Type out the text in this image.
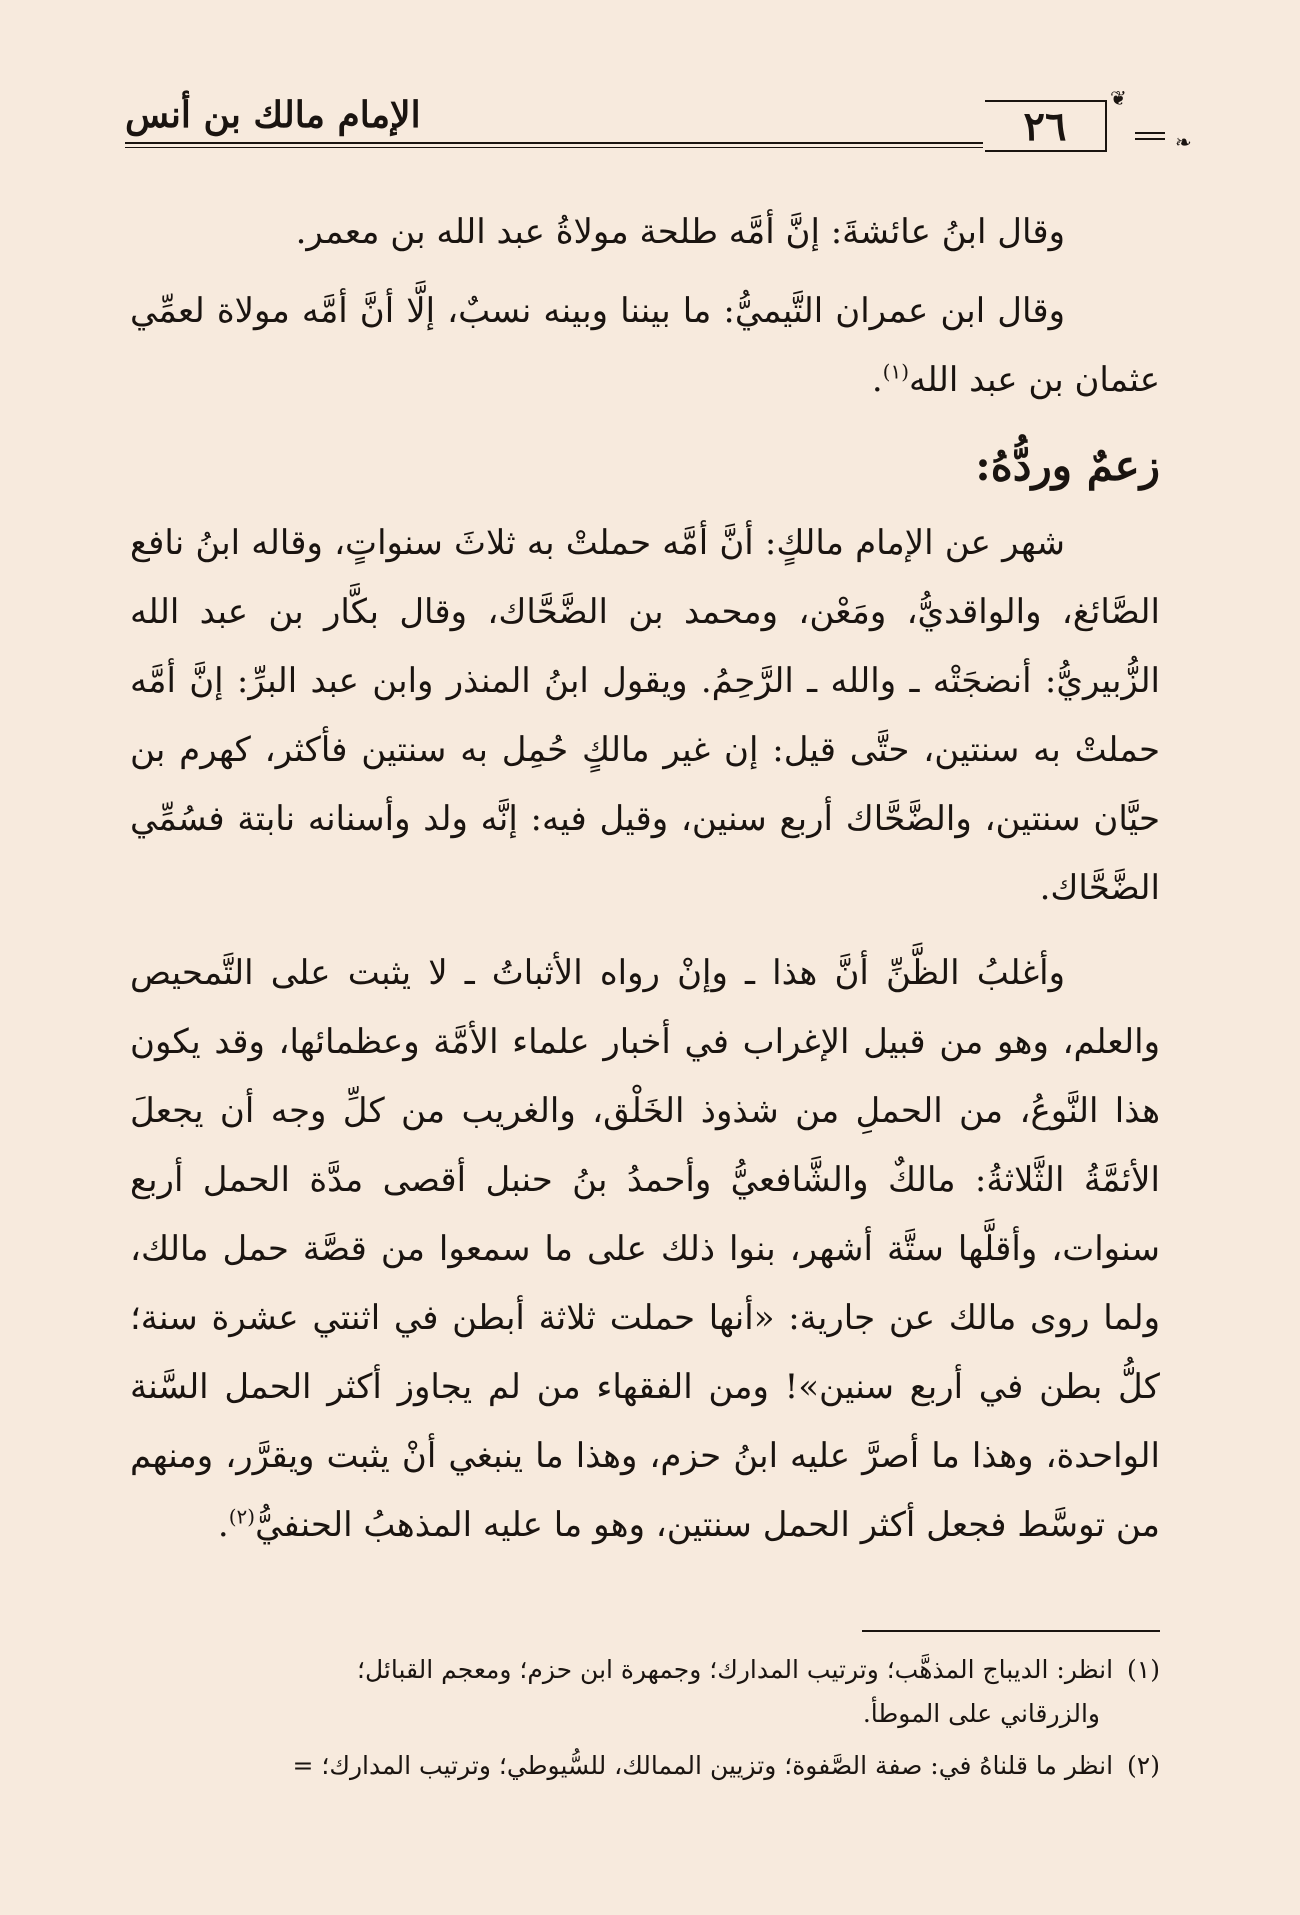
الإمام مالك بن أنس	٢٦
❦
❧

وقال ابنُ عائشةَ: إنَّ أمَّه طلحة مولاةُ عبد الله بن معمر.

وقال ابن عمران التَّيميُّ: ما بيننا وبينه نسبٌ، إلَّا أنَّ أمَّه مولاة لعمِّي عثمان بن عبد الله$^{(١)}$.

زعمٌ وردُّهُ:

شهر عن الإمام مالكٍ: أنَّ أمَّه حملتْ به ثلاثَ سنواتٍ، وقاله ابنُ نافع الصَّائغ، والواقديُّ، ومَعْن، ومحمد بن الضَّحَّاك، وقال بكَّار بن عبد الله الزُّبيريُّ: أنضجَتْه ـ والله ـ الرَّحِمُ. ويقول ابنُ المنذر وابن عبد البرِّ: إنَّ أمَّه حملتْ به سنتين، حتَّى قيل: إن غير مالكٍ حُمِل به سنتين فأكثر، كهرم بن حيَّان سنتين، والضَّحَّاك أربع سنين، وقيل فيه: إنَّه ولد وأسنانه نابتة فسُمِّي الضَّحَّاك.

وأغلبُ الظَّنِّ أنَّ هذا ـ وإنْ رواه الأثباتُ ـ لا يثبت على التَّمحيص والعلم، وهو من قبيل الإغراب في أخبار علماء الأمَّة وعظمائها، وقد يكون هذا النَّوعُ، من الحملِ من شذوذ الخَلْق، والغريب من كلِّ وجه أن يجعلَ الأئمَّةُ الثَّلاثةُ: مالكٌ والشَّافعيُّ وأحمدُ بنُ حنبل أقصى مدَّة الحمل أربع سنوات، وأقلَّها ستَّة أشهر، بنوا ذلك على ما سمعوا من قصَّة حمل مالك، ولما روى مالك عن جارية: «أنها حملت ثلاثة أبطن في اثنتي عشرة سنة؛ كلُّ بطن في أربع سنين»! ومن الفقهاء من لم يجاوز أكثر الحمل السَّنة الواحدة، وهذا ما أصرَّ عليه ابنُ حزم، وهذا ما ينبغي أنْ يثبت ويقرَّر، ومنهم من توسَّط فجعل أكثر الحمل سنتين، وهو ما عليه المذهبُ الحنفيُّ$^{(٢)}$.

(١)انظر: الديباج المذهَّب؛ وترتيب المدارك؛ وجمهرة ابن حزم؛ ومعجم القبائل؛
والزرقاني على الموطأ.
(٢)انظر ما قلناهُ في: صفة الصَّفوة؛ وتزيين الممالك، للسُّيوطي؛ وترتيب المدارك؛ =
